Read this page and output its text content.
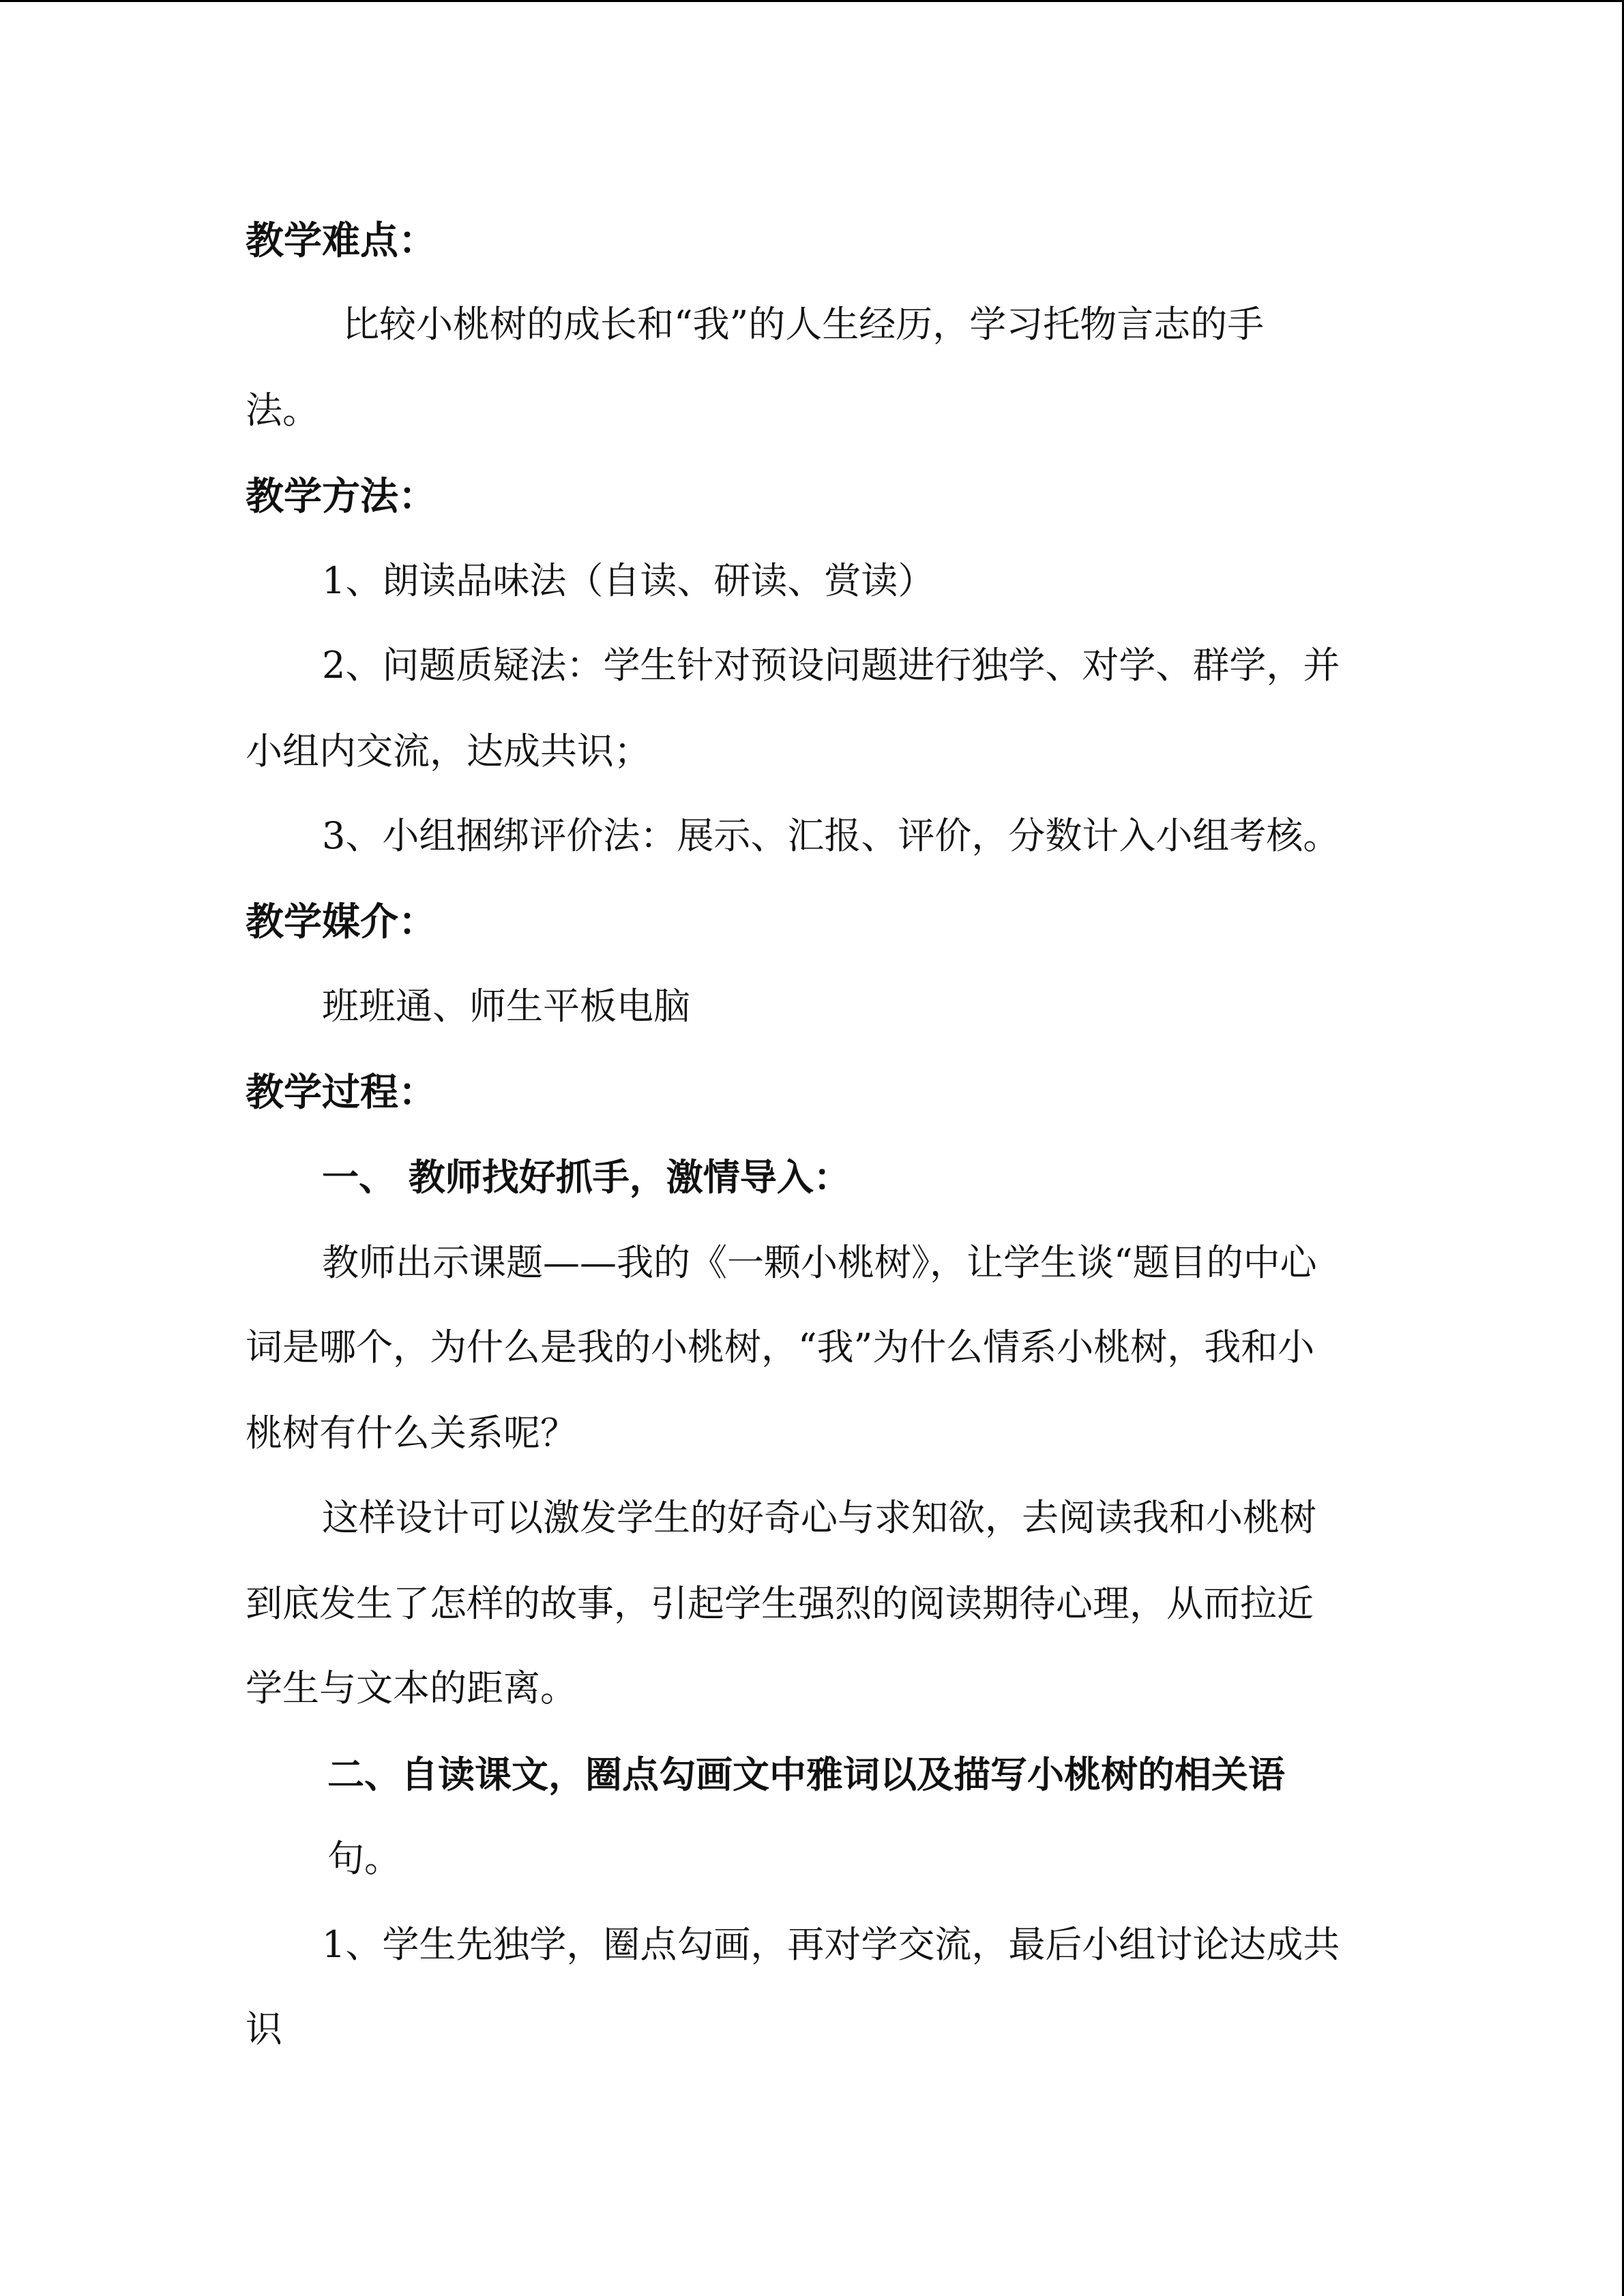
教学难点：
比较小桃树的成长和“我”的人生经历，学习托物言志的手
法。
教学方法：
1、朗读品味法（自读、研读、赏读）
2、问题质疑法：学生针对预设问题进行独学、对学、群学，并
小组内交流，达成共识；
3、小组捆绑评价法：展示、汇报、评价，分数计入小组考核。
教学媒介：
班班通、师生平板电脑
教学过程：
一、 教师找好抓手，激情导入：
教师出示课题——我的《一颗小桃树》，让学生谈“题目的中心
词是哪个，为什么是我的小桃树，“我”为什么情系小桃树，我和小
桃树有什么关系呢？
这样设计可以激发学生的好奇心与求知欲，去阅读我和小桃树
到底发生了怎样的故事，引起学生强烈的阅读期待心理，从而拉近
学生与文本的距离。
二、自读课文，圈点勾画文中雅词以及描写小桃树的相关语
句。
1、学生先独学，圈点勾画，再对学交流，最后小组讨论达成共
识
